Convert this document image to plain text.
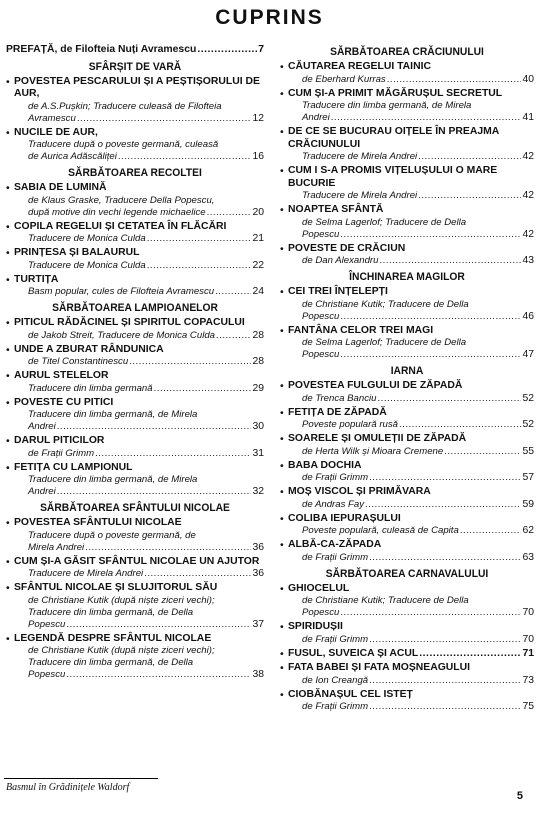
CUPRINS
PREFAȚĂ, de Filofteia Nuți Avramescu .....	7
SFÂRȘIT DE VARĂ
• POVESTEA PESCARULUI ȘI A PEȘTIȘORULUI DE AUR,
de A.S.Pușkin; Traducere culeasă de Filofteia
Avramescu .....	12
• NUCILE DE AUR,
Traducere după o poveste germană, culeasă
de Aurica Adăscăliței .....	16
SĂRBĂTOAREA RECOLTEI
• SABIA DE LUMINĂ
de Klaus Graske, Traducere Della Popescu,
după motive din vechi legende michaelice .....	20
• COPILA REGELUI ȘI CETATEA ÎN FLĂCĂRI
Traducere de Monica Culda .....	21
• PRINȚESA ȘI BALAURUL
Traducere de Monica Culda .....	22
• TURTIȚA
Basm popular, cules de Filofteia Avramescu .....	24
SĂRBĂTOAREA LAMPIOANELOR
• PITICUL RĂDĂCINEL ȘI SPIRITUL COPACULUI
de Jakob Streit, Traducere de Monica Culda .....	28
• UNDE A ZBURAT RÂNDUNICA
de Titel Constantinescu .....	28
• AURUL STELELOR
Traducere din limba germană .....	29
• POVESTE CU PITICI
Traducere din limba germană, de Mirela
Andrei .....	30
• DARUL PITICILOR
de Frații Grimm .....	31
• FETIȚA CU LAMPIONUL
Traducere din limba germană, de Mirela
Andrei .....	32
SĂRBĂTOAREA SFÂNTULUI NICOLAE
• POVESTEA SFÂNTULUI NICOLAE
Traducere după o poveste germană, de
Mirela Andrei .....	36
• CUM ȘI-A GĂSIT SFÂNTUL NICOLAE UN AJUTOR
Traducere de Mirela Andrei .....	36
• SFÂNTUL NICOLAE ȘI SLUJITORUL SĂU
de Christiane Kutik (după niște ziceri vechi);
Traducere din limba germană, de Della
Popescu .....	37
• LEGENDĂ DESPRE SFÂNTUL NICOLAE
de Christiane Kutik (după niște ziceri vechi);
Traducere din limba germană, de Della
Popescu .....	38
SĂRBĂTOAREA CRĂCIUNULUI
• CĂUTAREA REGELUI TAINIC
de Eberhard Kurras .....	40
• CUM ȘI-A PRIMIT MĂGĂRUȘUL SECRETUL
Traducere din limba germană, de Mirela
Andrei .....	41
• DE CE SE BUCURAU OIȚELE ÎN PREAJMA CRĂCIUNULUI
Traducere de Mirela Andrei .....	42
• CUM I S-A PROMIS VIȚELUȘULUI O MARE BUCURIE
Traducere de Mirela Andrei .....	42
• NOAPTEA SFÂNTĂ
de Selma Lagerlof; Traducere de Della
Popescu .....	42
• POVESTE DE CRĂCIUN
de Dan Alexandru .....	43
ÎNCHINAREA MAGILOR
• CEI TREI ÎNȚELEPȚI
de Christiane Kutik; Traducere de Della
Popescu .....	46
• FANTÂNA CELOR TREI MAGI
de Selma Lagerlof; Traducere de Della
Popescu .....	47
IARNA
• POVESTEA FULGULUI DE ZĂPADĂ
de Trenca Banciu .....	52
• FETIȚA DE ZĂPADĂ
Poveste populară rusă .....	52
• SOARELE ȘI OMULEȚII DE ZĂPADĂ
de Herta Wilk și Mioara Cremene .....	55
• BABA DOCHIA
de Frații Grimm .....	57
• MOȘ VISCOL ȘI PRIMĂVARA
de Andras Fay .....	59
• COLIBA IEPURAȘULUI
Poveste populară, culeasă de Capita .....	62
• ALBĂ-CA-ZĂPADA
de Frații Grimm .....	63
SĂRBĂTOAREA CARNAVALULUI
• GHIOCELUL
de Christiane Kutik; Traducere de Della
Popescu .....	70
• SPIRIDUȘII
de Frații Grimm .....	70
• FUSUL, SUVEICA ȘI ACUL .....	71
• FATA BABEI ȘI FATA MOȘNEAGULUI
de Ion Creangă .....	73
• CIOBĂNAȘUL CEL ISTEȚ
de Frații Grimm .....	75
Basmul în Grădinițele Waldorf
5
